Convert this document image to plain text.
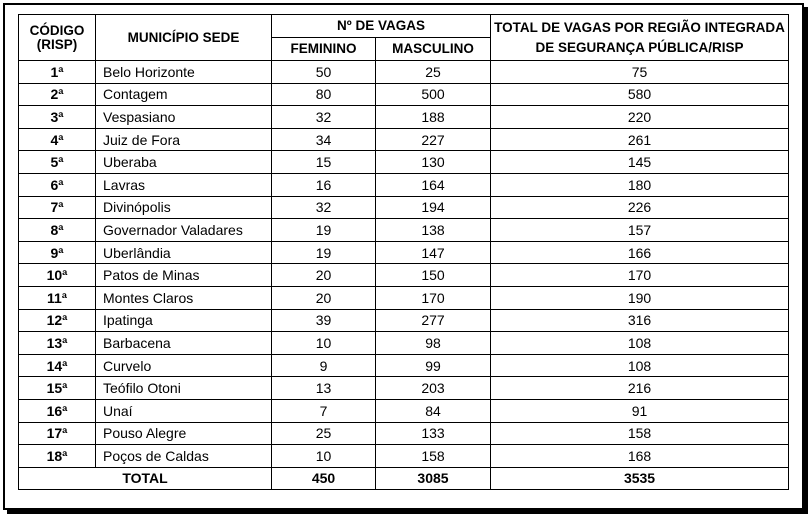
CÓDIGO
(RISP)	MUNICÍPIO SEDE	Nº DE VAGAS		TOTAL DE VAGAS POR REGIÃO INTEGRADA
DE SEGURANÇA PÚBLICA/RISP
		FEMININO	MASCULINO	
1ª	Belo Horizonte	50	25	75
2ª	Contagem	80	500	580
3ª	Vespasiano	32	188	220
4ª	Juiz de Fora	34	227	261
5ª	Uberaba	15	130	145
6ª	Lavras	16	164	180
7ª	Divinópolis	32	194	226
8ª	Governador Valadares	19	138	157
9ª	Uberlândia	19	147	166
10ª	Patos de Minas	20	150	170
11ª	Montes Claros	20	170	190
12ª	Ipatinga	39	277	316
13ª	Barbacena	10	98	108
14ª	Curvelo	9	99	108
15ª	Teófilo Otoni	13	203	216
16ª	Unaí	7	84	91
17ª	Pouso Alegre	25	133	158
18ª	Poços de Caldas	10	158	168
TOTAL		450	3085	3535
